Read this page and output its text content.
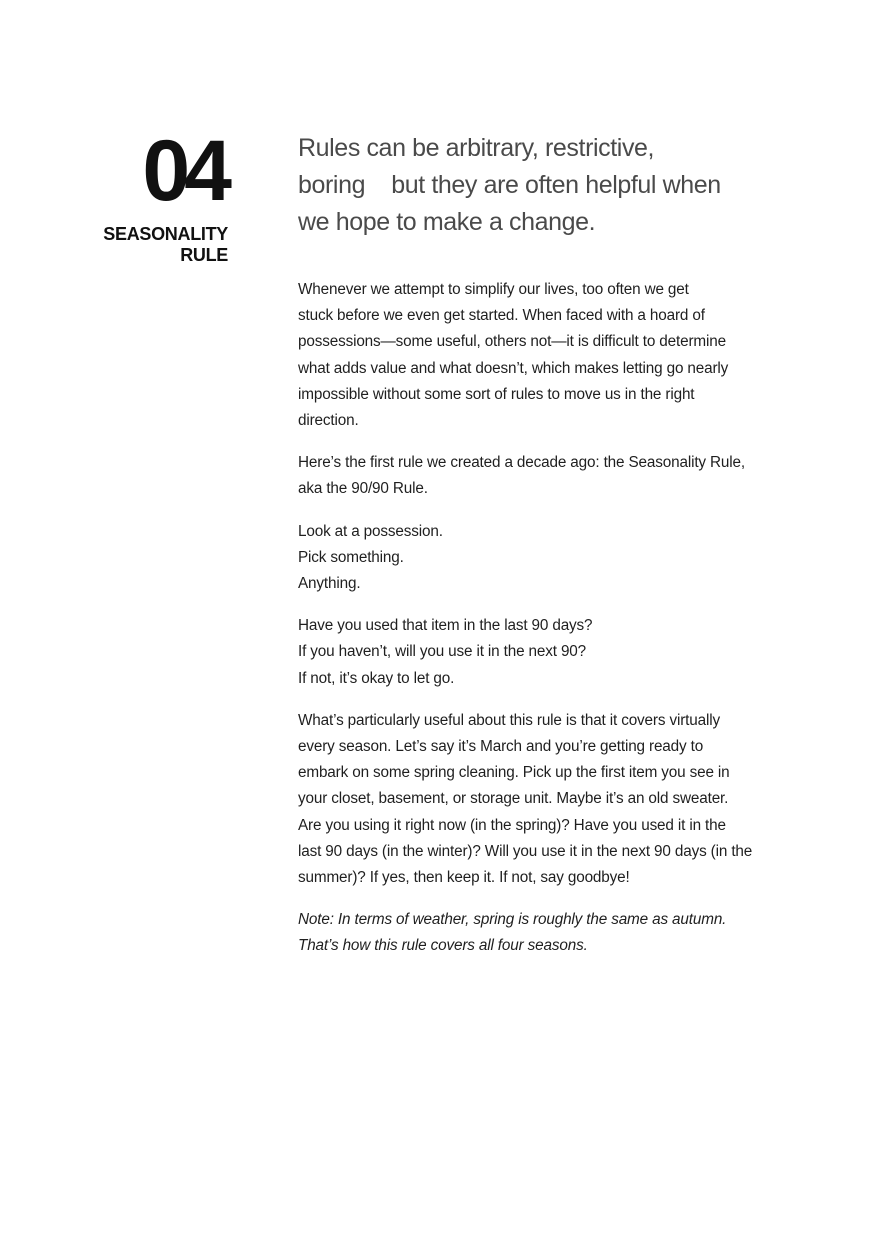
04
SEASONALITY
RULE

Rules can be arbitrary, restrictive,
boring    but they are often helpful when
we hope to make a change.

Whenever we attempt to simplify our lives, too often we get
stuck before we even get started. When faced with a hoard of
possessions—some useful, others not—it is difficult to determine
what adds value and what doesn’t, which makes letting go nearly
impossible without some sort of rules to move us in the right
direction.

Here’s the first rule we created a decade ago: the Seasonality Rule,
aka the 90/90 Rule.

Look at a possession.
Pick something.
Anything.

Have you used that item in the last 90 days?
If you haven’t, will you use it in the next 90?
If not, it’s okay to let go.

What’s particularly useful about this rule is that it covers virtually
every season. Let’s say it’s March and you’re getting ready to
embark on some spring cleaning. Pick up the first item you see in
your closet, basement, or storage unit. Maybe it’s an old sweater.
Are you using it right now (in the spring)? Have you used it in the
last 90 days (in the winter)? Will you use it in the next 90 days (in the
summer)? If yes, then keep it. If not, say goodbye!

Note: In terms of weather, spring is roughly the same as autumn.
That’s how this rule covers all four seasons.
